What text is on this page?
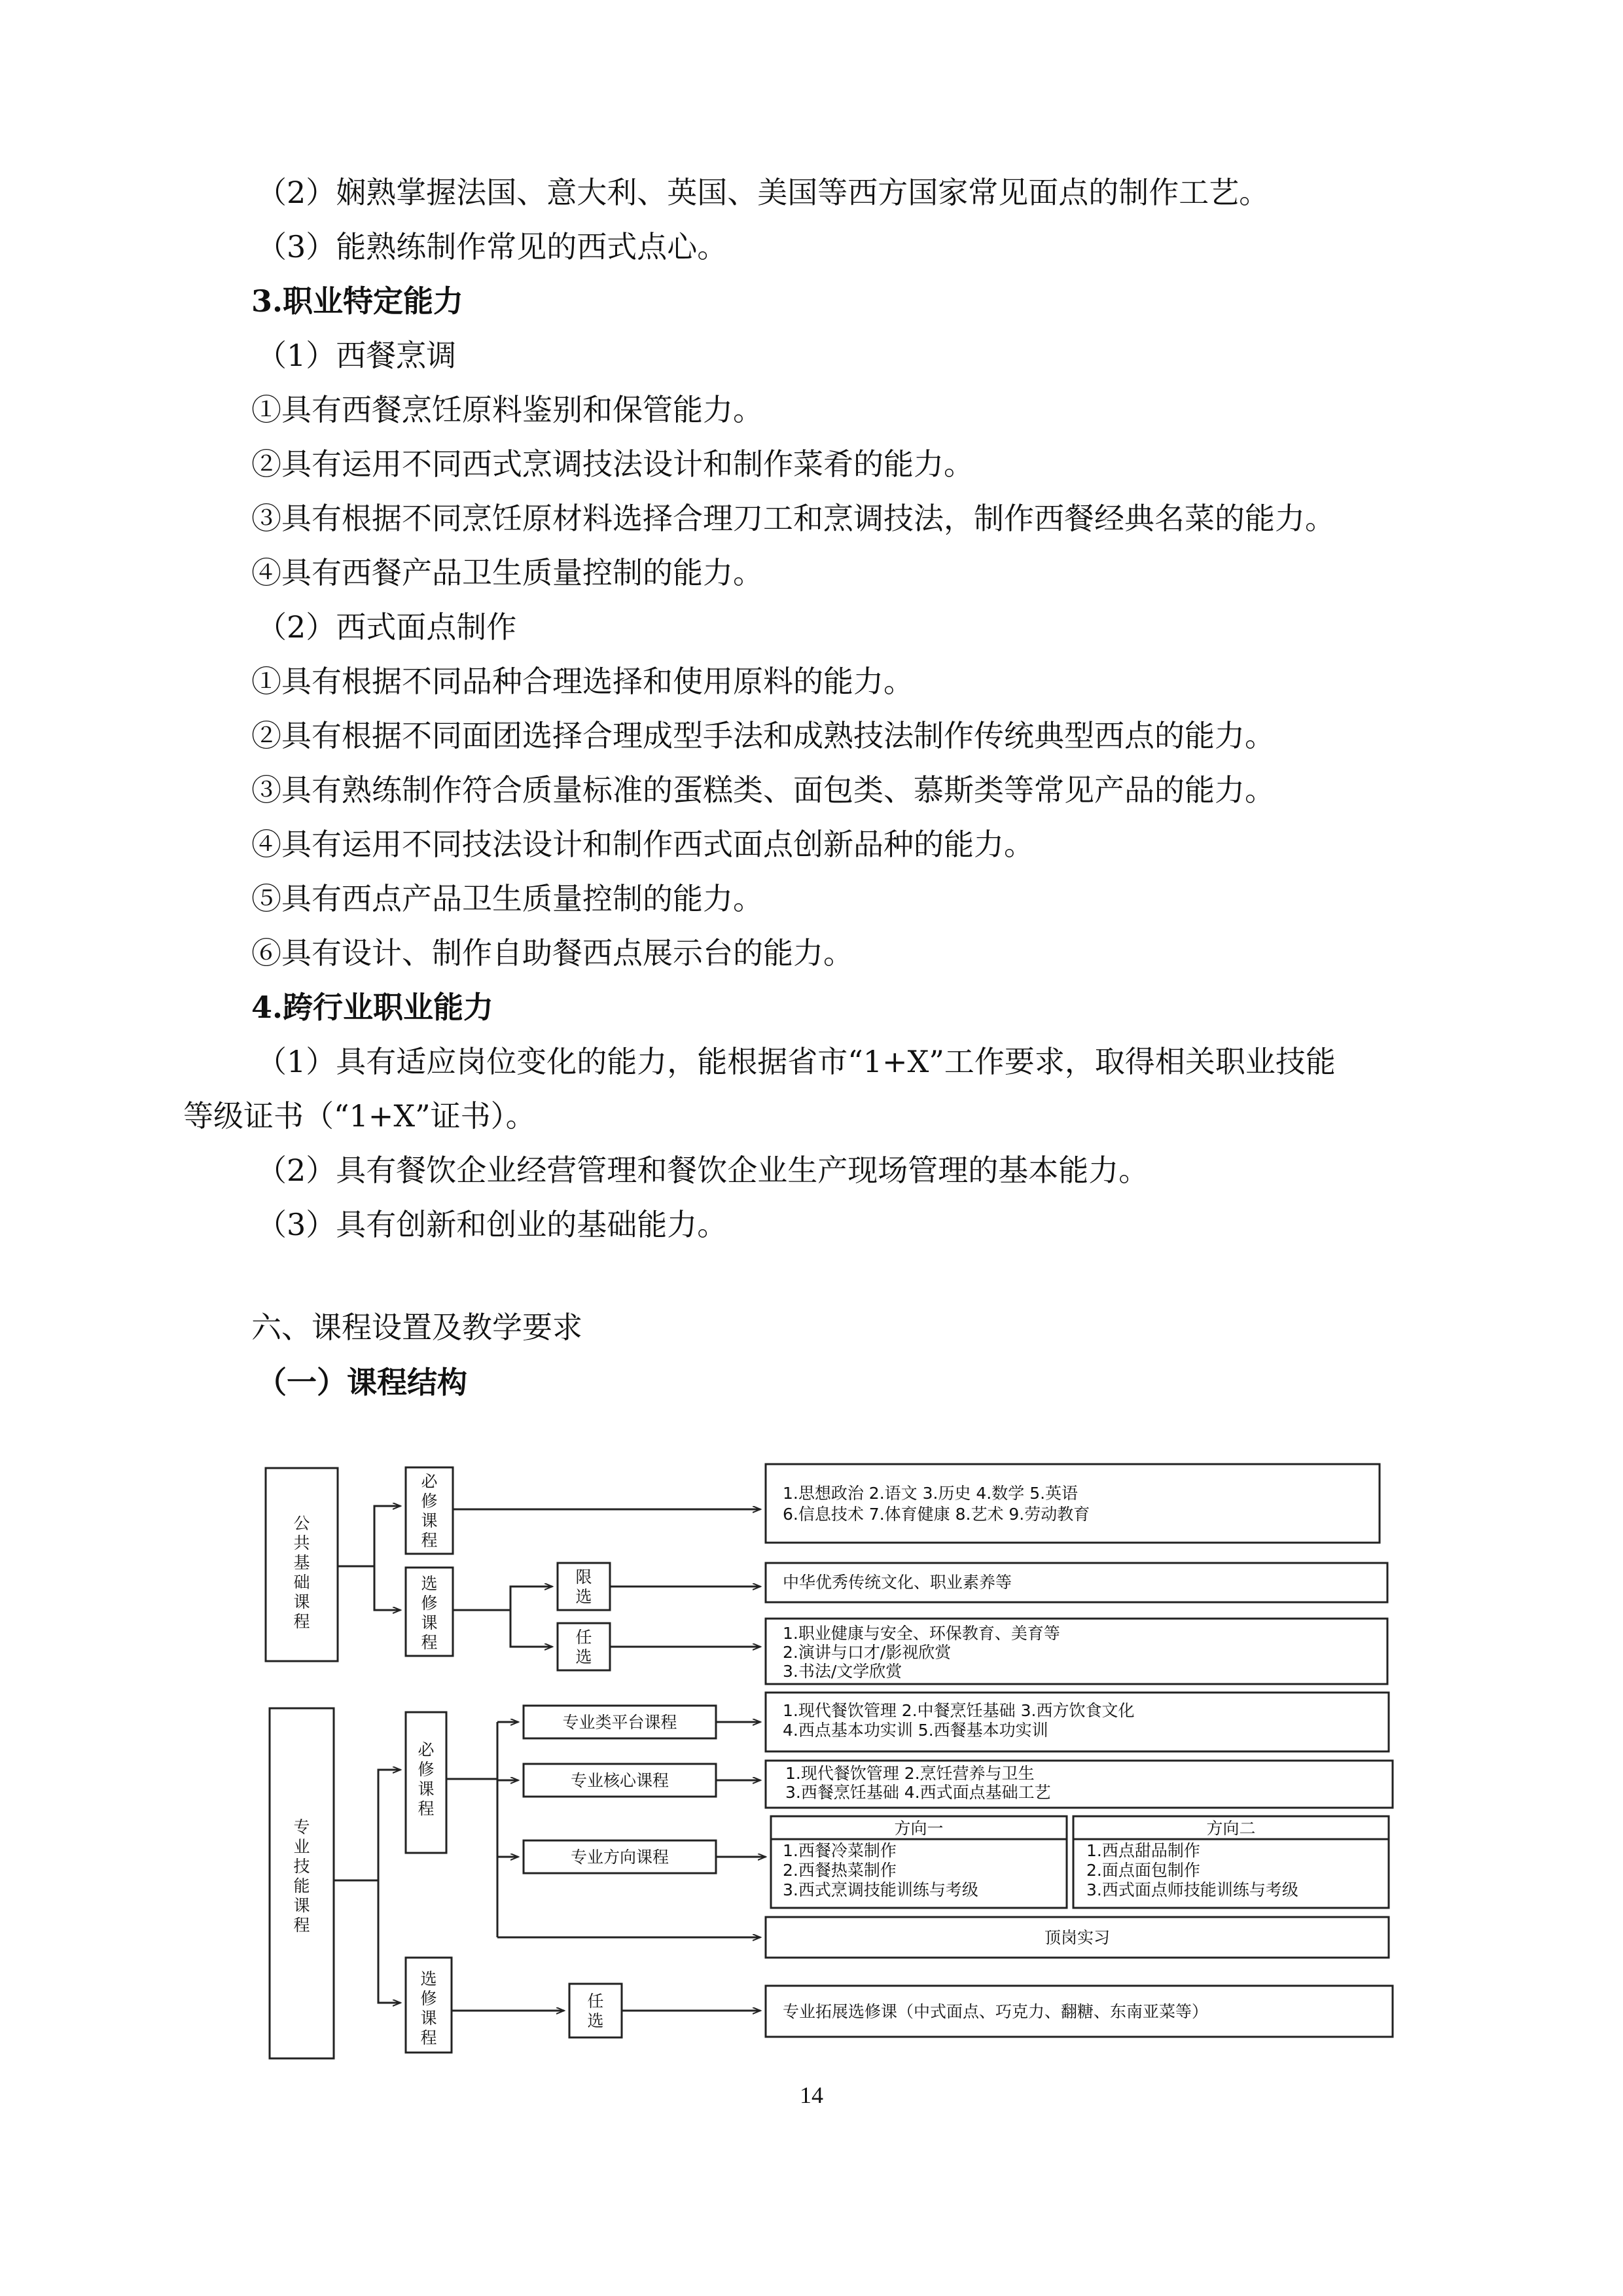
（2）娴熟掌握法国、意大利、英国、美国等西方国家常见面点的制作工艺。
（3）能熟练制作常见的西式点心。
3.职业特定能力
（1）西餐烹调
①具有西餐烹饪原料鉴别和保管能力。
②具有运用不同西式烹调技法设计和制作菜肴的能力。
③具有根据不同烹饪原材料选择合理刀工和烹调技法，制作西餐经典名菜的能力。
④具有西餐产品卫生质量控制的能力。
（2）西式面点制作
①具有根据不同品种合理选择和使用原料的能力。
②具有根据不同面团选择合理成型手法和成熟技法制作传统典型西点的能力。
③具有熟练制作符合质量标准的蛋糕类、面包类、慕斯类等常见产品的能力。
④具有运用不同技法设计和制作西式面点创新品种的能力。
⑤具有西点产品卫生质量控制的能力。
⑥具有设计、制作自助餐西点展示台的能力。
4.跨行业职业能力
（1）具有适应岗位变化的能力，能根据省市“1+X”工作要求，取得相关职业技能
等级证书（“1+X”证书）。
（2）具有餐饮企业经营管理和餐饮企业生产现场管理的基本能力。
（3）具有创新和创业的基础能力。
六、课程设置及教学要求
（一）课程结构
公
共
基
础
课
程
必
修
课
程
选
修
课
程
限
选
任
选
1.思想政治 2.语文 3.历史 4.数学 5.英语
6.信息技术 7.体育健康 8.艺术 9.劳动教育
中华优秀传统文化、职业素养等
1.职业健康与安全、环保教育、美育等
2.演讲与口才/影视欣赏
3.书法/文学欣赏
专
业
技
能
课
程
必
修
课
程
选
修
课
程
专业类平台课程
专业核心课程
专业方向课程
任
选
1.现代餐饮管理 2.中餐烹饪基础 3.西方饮食文化
4.西点基本功实训 5.西餐基本功实训
1.现代餐饮管理 2.烹饪营养与卫生
3.西餐烹饪基础 4.西式面点基础工艺
方向一
1.西餐冷菜制作
2.西餐热菜制作
3.西式烹调技能训练与考级
方向二
1.西点甜品制作
2.面点面包制作
3.西式面点师技能训练与考级
顶岗实习
专业拓展选修课（中式面点、巧克力、翻糖、东南亚菜等）
14
